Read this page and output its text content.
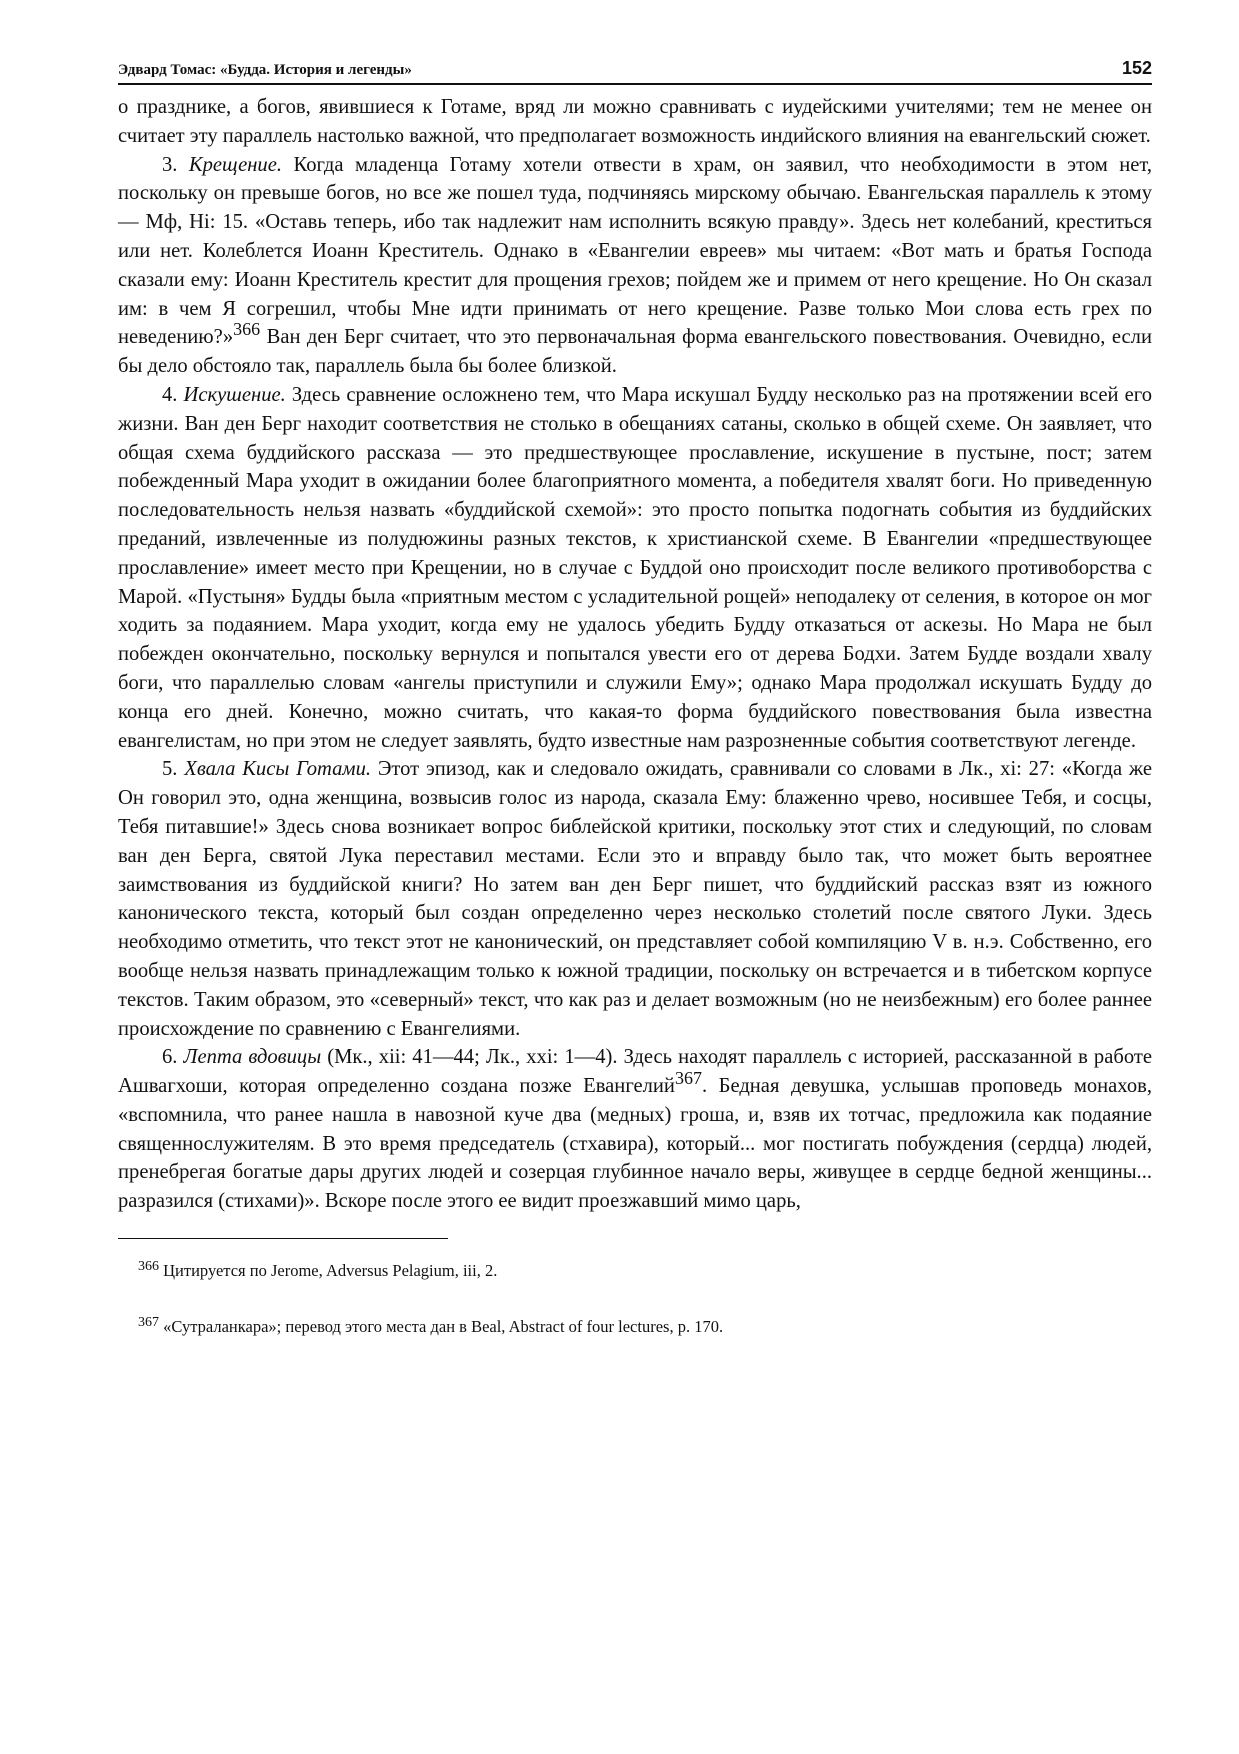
Эдвард Томас: «Будда. История и легенды»	152

о празднике, а богов, явившиеся к Готаме, вряд ли можно сравнивать с иудейскими учителями; тем не менее он считает эту параллель настолько важной, что предполагает возможность индийского влияния на евангельский сюжет.

3. Крещение. Когда младенца Готаму хотели отвести в храм, он заявил, что необходимости в этом нет, поскольку он превыше богов, но все же пошел туда, подчиняясь мирскому обычаю. Евангельская параллель к этому — Мф, Hi: 15. «Оставь теперь, ибо так надлежит нам исполнить всякую правду». Здесь нет колебаний, креститься или нет. Колеблется Иоанн Креститель. Однако в «Евангелии евреев» мы читаем: «Вот мать и братья Господа сказали ему: Иоанн Креститель крестит для прощения грехов; пойдем же и примем от него крещение. Но Он сказал им: в чем Я согрешил, чтобы Мне идти принимать от него крещение. Разве только Мои слова есть грех по неведению?»$^{366}$ Ван ден Берг считает, что это первоначальная форма евангельского повествования. Очевидно, если бы дело обстояло так, параллель была бы более близкой.

4. Искушение. Здесь сравнение осложнено тем, что Мара искушал Будду несколько раз на протяжении всей его жизни. Ван ден Берг находит соответствия не столько в обещаниях сатаны, сколько в общей схеме. Он заявляет, что общая схема буддийского рассказа — это предшествующее прославление, искушение в пустыне, пост; затем побежденный Мара уходит в ожидании более благоприятного момента, а победителя хвалят боги. Но приведенную последовательность нельзя назвать «буддийской схемой»: это просто попытка подогнать события из буддийских преданий, извлеченные из полудюжины разных текстов, к христианской схеме. В Евангелии «предшествующее прославление» имеет место при Крещении, но в случае с Буддой оно происходит после великого противоборства с Марой. «Пустыня» Будды была «приятным местом с усладительной рощей» неподалеку от селения, в которое он мог ходить за подаянием. Мара уходит, когда ему не удалось убедить Будду отказаться от аскезы. Но Мара не был побежден окончательно, поскольку вернулся и попытался увести его от дерева Бодхи. Затем Будде воздали хвалу боги, что параллелью словам «ангелы приступили и служили Ему»; однако Мара продолжал искушать Будду до конца его дней. Конечно, можно считать, что какая-то форма буддийского повествования была известна евангелистам, но при этом не следует заявлять, будто известные нам разрозненные события соответствуют легенде.

5. Хвала Кисы Готами. Этот эпизод, как и следовало ожидать, сравнивали со словами в Лк., xi: 27: «Когда же Он говорил это, одна женщина, возвысив голос из народа, сказала Ему: блаженно чрево, носившее Тебя, и сосцы, Тебя питавшие!» Здесь снова возникает вопрос библейской критики, поскольку этот стих и следующий, по словам ван ден Берга, святой Лука переставил местами. Если это и вправду было так, что может быть вероятнее заимствования из буддийской книги? Но затем ван ден Берг пишет, что буддийский рассказ взят из южного канонического текста, который был создан определенно через несколько столетий после святого Луки. Здесь необходимо отметить, что текст этот не канонический, он представляет собой компиляцию V в. н.э. Собственно, его вообще нельзя назвать принадлежащим только к южной традиции, поскольку он встречается и в тибетском корпусе текстов. Таким образом, это «северный» текст, что как раз и делает возможным (но не неизбежным) его более раннее происхождение по сравнению с Евангелиями.

6. Лепта вдовицы (Мк., xii: 41—44; Лк., xxi: 1—4). Здесь находят параллель с историей, рассказанной в работе Ашвагхоши, которая определенно создана позже Евангелий$^{367}$. Бедная девушка, услышав проповедь монахов, «вспомнила, что ранее нашла в навозной куче два (медных) гроша, и, взяв их тотчас, предложила как подаяние священнослужителям. В это время председатель (стхавира), который... мог постигать побуждения (сердца) людей, пренебрегая богатые дары других людей и созерцая глубинное начало веры, живущее в сердце бедной женщины... разразился (стихами)». Вскоре после этого ее видит проезжавший мимо царь,

$^{366}$ Цитируется по Jerome, Adversus Pelagium, iii, 2.

$^{367}$ «Сутраланкара»; перевод этого места дан в Beal, Abstract of four lectures, p. 170.
